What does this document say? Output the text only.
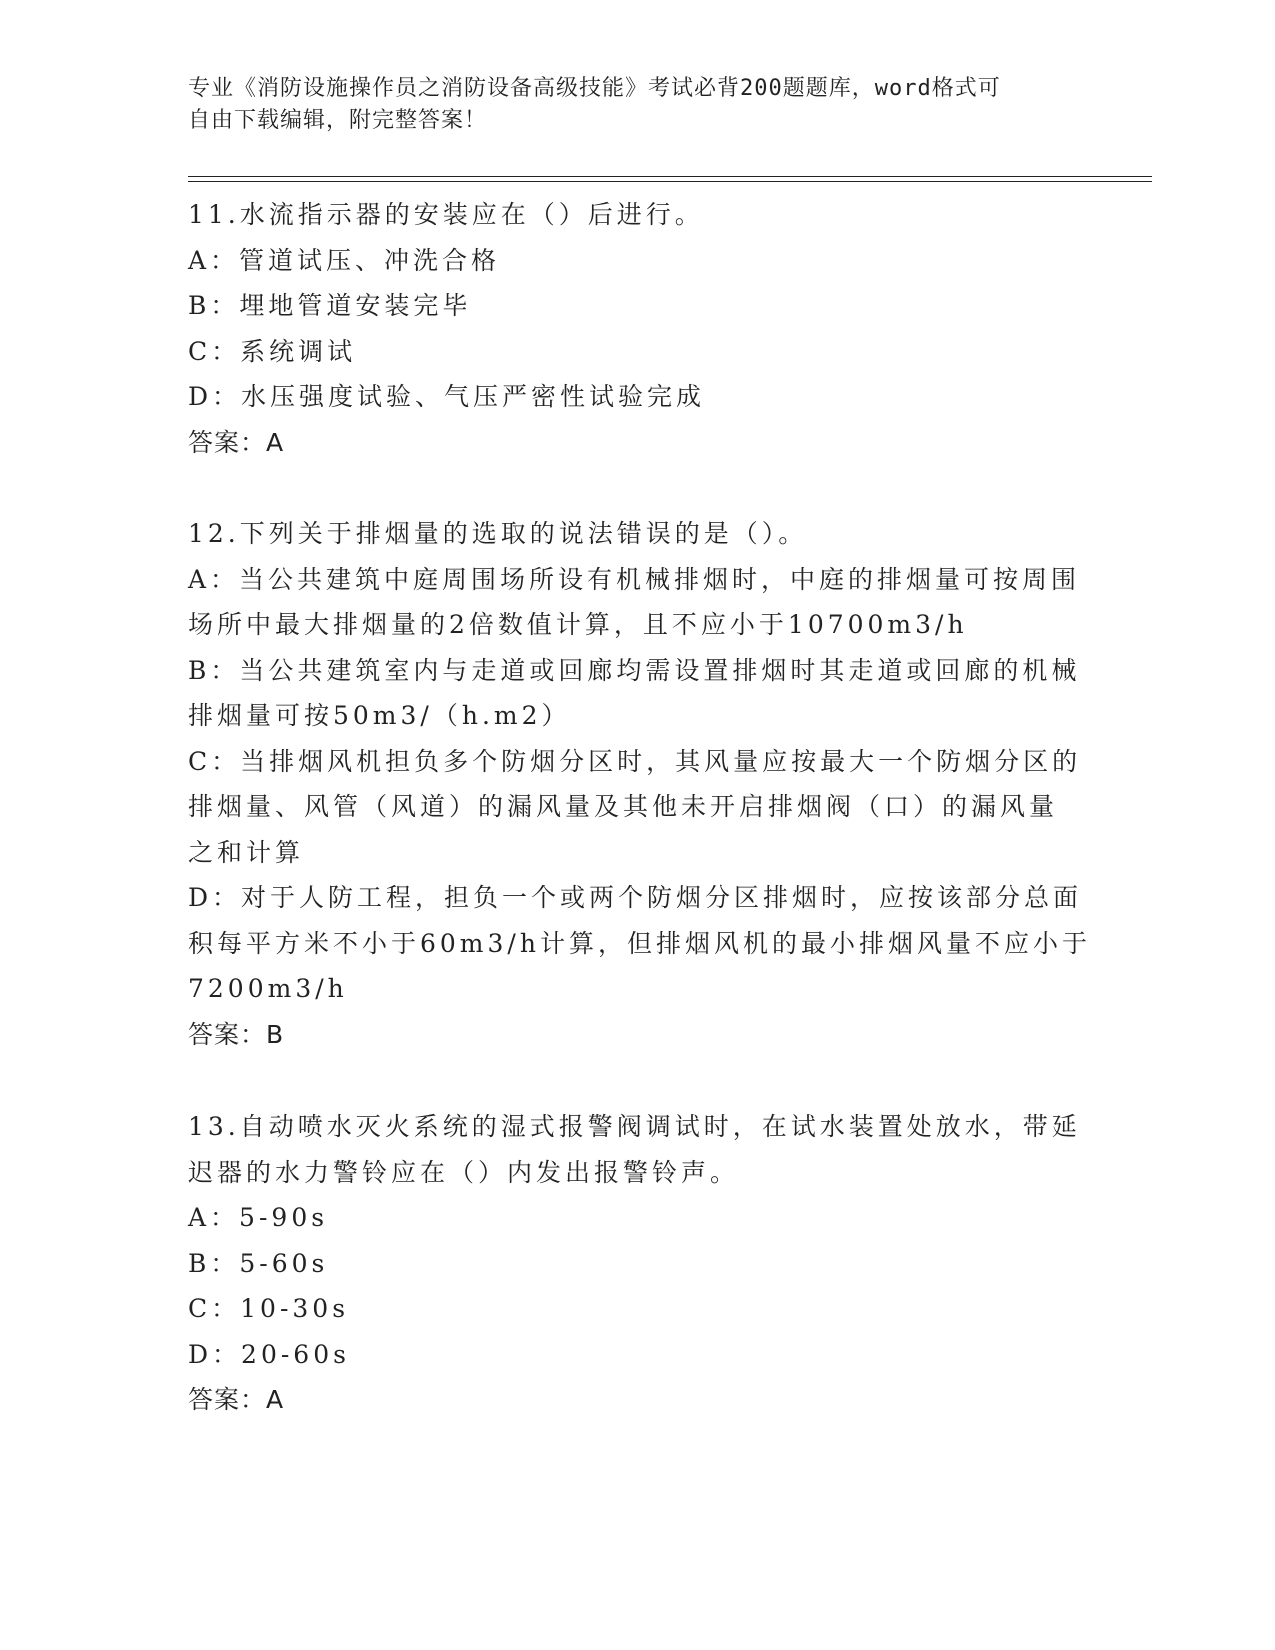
专业《消防设施操作员之消防设备高级技能》考试必背200题题库，word格式可
自由下载编辑，附完整答案！
11.水流指示器的安装应在（）后进行。
A：管道试压、冲洗合格
B：埋地管道安装完毕
C：系统调试
D：水压强度试验、气压严密性试验完成
答案：A
12.下列关于排烟量的选取的说法错误的是（）。
A：当公共建筑中庭周围场所设有机械排烟时，中庭的排烟量可按周围
场所中最大排烟量的2倍数值计算，且不应小于10700m3/h
B：当公共建筑室内与走道或回廊均需设置排烟时其走道或回廊的机械
排烟量可按50m3/（h.m2）
C：当排烟风机担负多个防烟分区时，其风量应按最大一个防烟分区的
排烟量、风管（风道）的漏风量及其他未开启排烟阀（口）的漏风量
之和计算
D：对于人防工程，担负一个或两个防烟分区排烟时，应按该部分总面
积每平方米不小于60m3/h计算，但排烟风机的最小排烟风量不应小于
7200m3/h
答案：B
13.自动喷水灭火系统的湿式报警阀调试时，在试水装置处放水，带延
迟器的水力警铃应在（）内发出报警铃声。
A：5-90s
B：5-60s
C：10-30s
D：20-60s
答案：A
